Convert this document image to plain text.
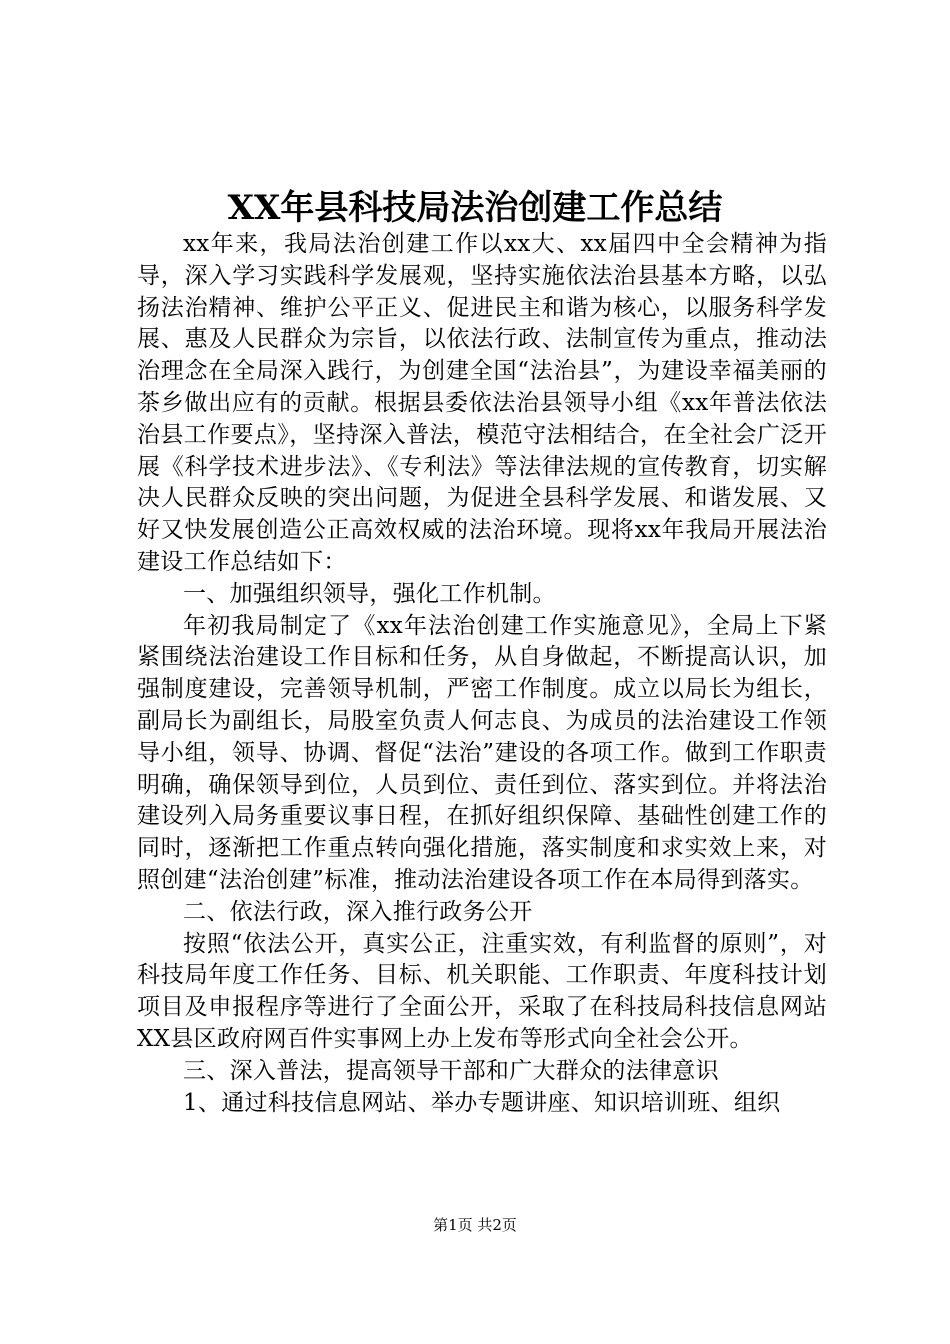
XX年县科技局法治创建工作总结

xx年来，我局法治创建工作以xx大、xx届四中全会精神为指导，深入学习实践科学发展观，坚持实施依法治县基本方略，以弘扬法治精神、维护公平正义、促进民主和谐为核心，以服务科学发展、惠及人民群众为宗旨，以依法行政、法制宣传为重点，推动法治理念在全局深入践行，为创建全国“法治县”，为建设幸福美丽的茶乡做出应有的贡献。根据县委依法治县领导小组《xx年普法依法治县工作要点》，坚持深入普法，模范守法相结合，在全社会广泛开展《科学技术进步法》、《专利法》等法律法规的宣传教育，切实解决人民群众反映的突出问题，为促进全县科学发展、和谐发展、又好又快发展创造公正高效权威的法治环境。现将xx年我局开展法治建设工作总结如下：

一、加强组织领导，强化工作机制。

年初我局制定了《xx年法治创建工作实施意见》，全局上下紧紧围绕法治建设工作目标和任务，从自身做起，不断提高认识，加强制度建设，完善领导机制，严密工作制度。成立以局长为组长，副局长为副组长，局股室负责人何志良、为成员的法治建设工作领导小组，领导、协调、督促“法治”建设的各项工作。做到工作职责明确，确保领导到位，人员到位、责任到位、落实到位。并将法治建设列入局务重要议事日程，在抓好组织保障、基础性创建工作的同时，逐渐把工作重点转向强化措施，落实制度和求实效上来，对照创建“法治创建”标准，推动法治建设各项工作在本局得到落实。

二、依法行政，深入推行政务公开

按照“依法公开，真实公正，注重实效，有利监督的原则”，对科技局年度工作任务、目标、机关职能、工作职责、年度科技计划项目及申报程序等进行了全面公开，采取了在科技局科技信息网站XX县区政府网百件实事网上办上发布等形式向全社会公开。

三、深入普法，提高领导干部和广大群众的法律意识

1、通过科技信息网站、举办专题讲座、知识培训班、组织

第1页 共2页
